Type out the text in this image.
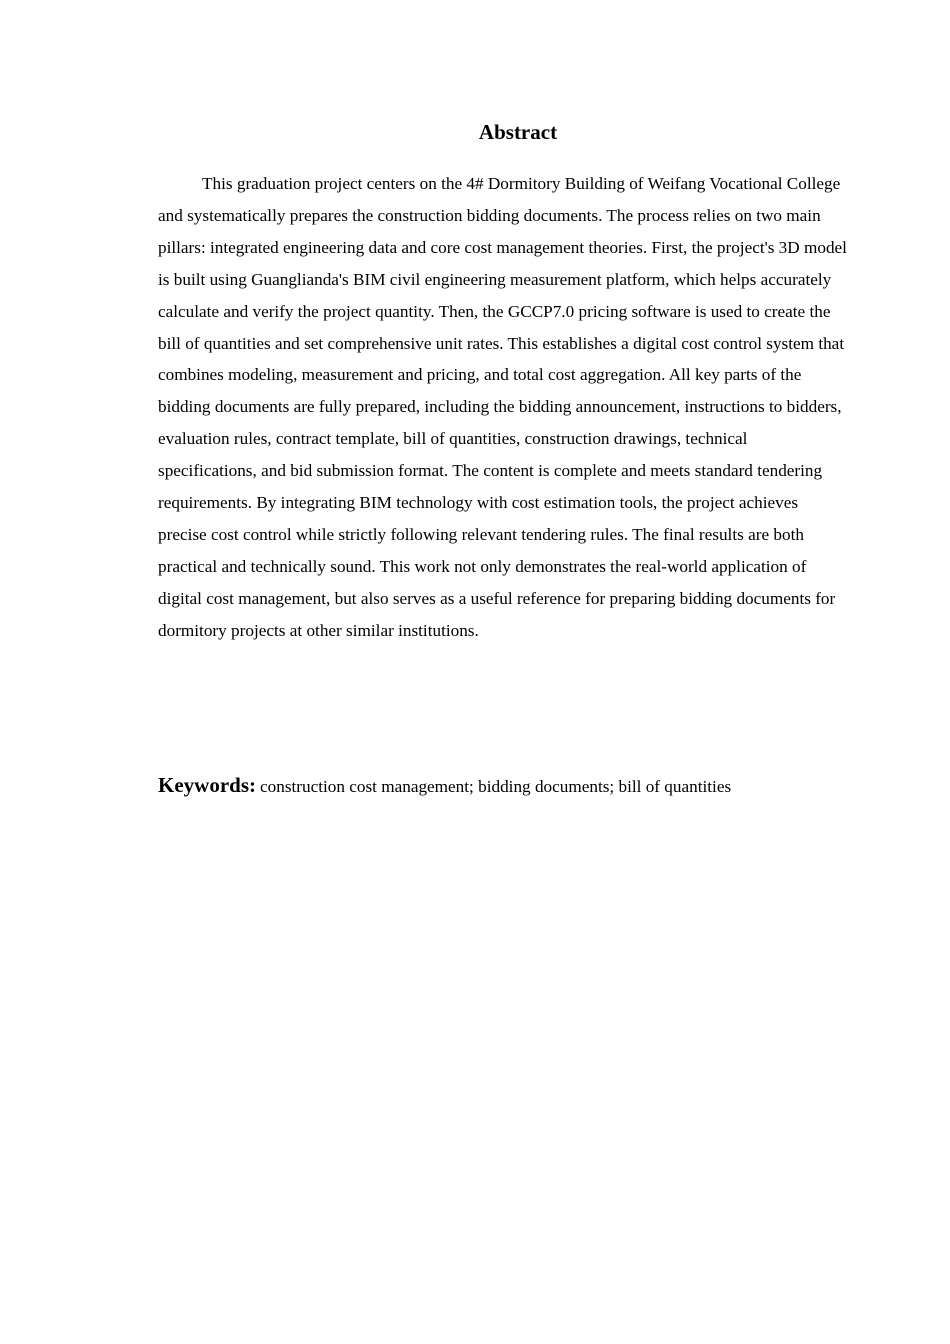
Abstract

This graduation project centers on the 4# Dormitory Building of Weifang Vocational College and systematically prepares the construction bidding documents. The process relies on two main pillars: integrated engineering data and core cost management theories. First, the project's 3D model is built using Guanglianda's BIM civil engineering measurement platform, which helps accurately calculate and verify the project quantity. Then, the GCCP7.0 pricing software is used to create the bill of quantities and set comprehensive unit rates. This establishes a digital cost control system that combines modeling, measurement and pricing, and total cost aggregation. All key parts of the bidding documents are fully prepared, including the bidding announcement, instructions to bidders, evaluation rules, contract template, bill of quantities, construction drawings, technical specifications, and bid submission format. The content is complete and meets standard tendering requirements. By integrating BIM technology with cost estimation tools, the project achieves precise cost control while strictly following relevant tendering rules. The final results are both practical and technically sound. This work not only demonstrates the real-world application of digital cost management, but also serves as a useful reference for preparing bidding documents for dormitory projects at other similar institutions.

Keywords: construction cost management; bidding documents; bill of quantities
